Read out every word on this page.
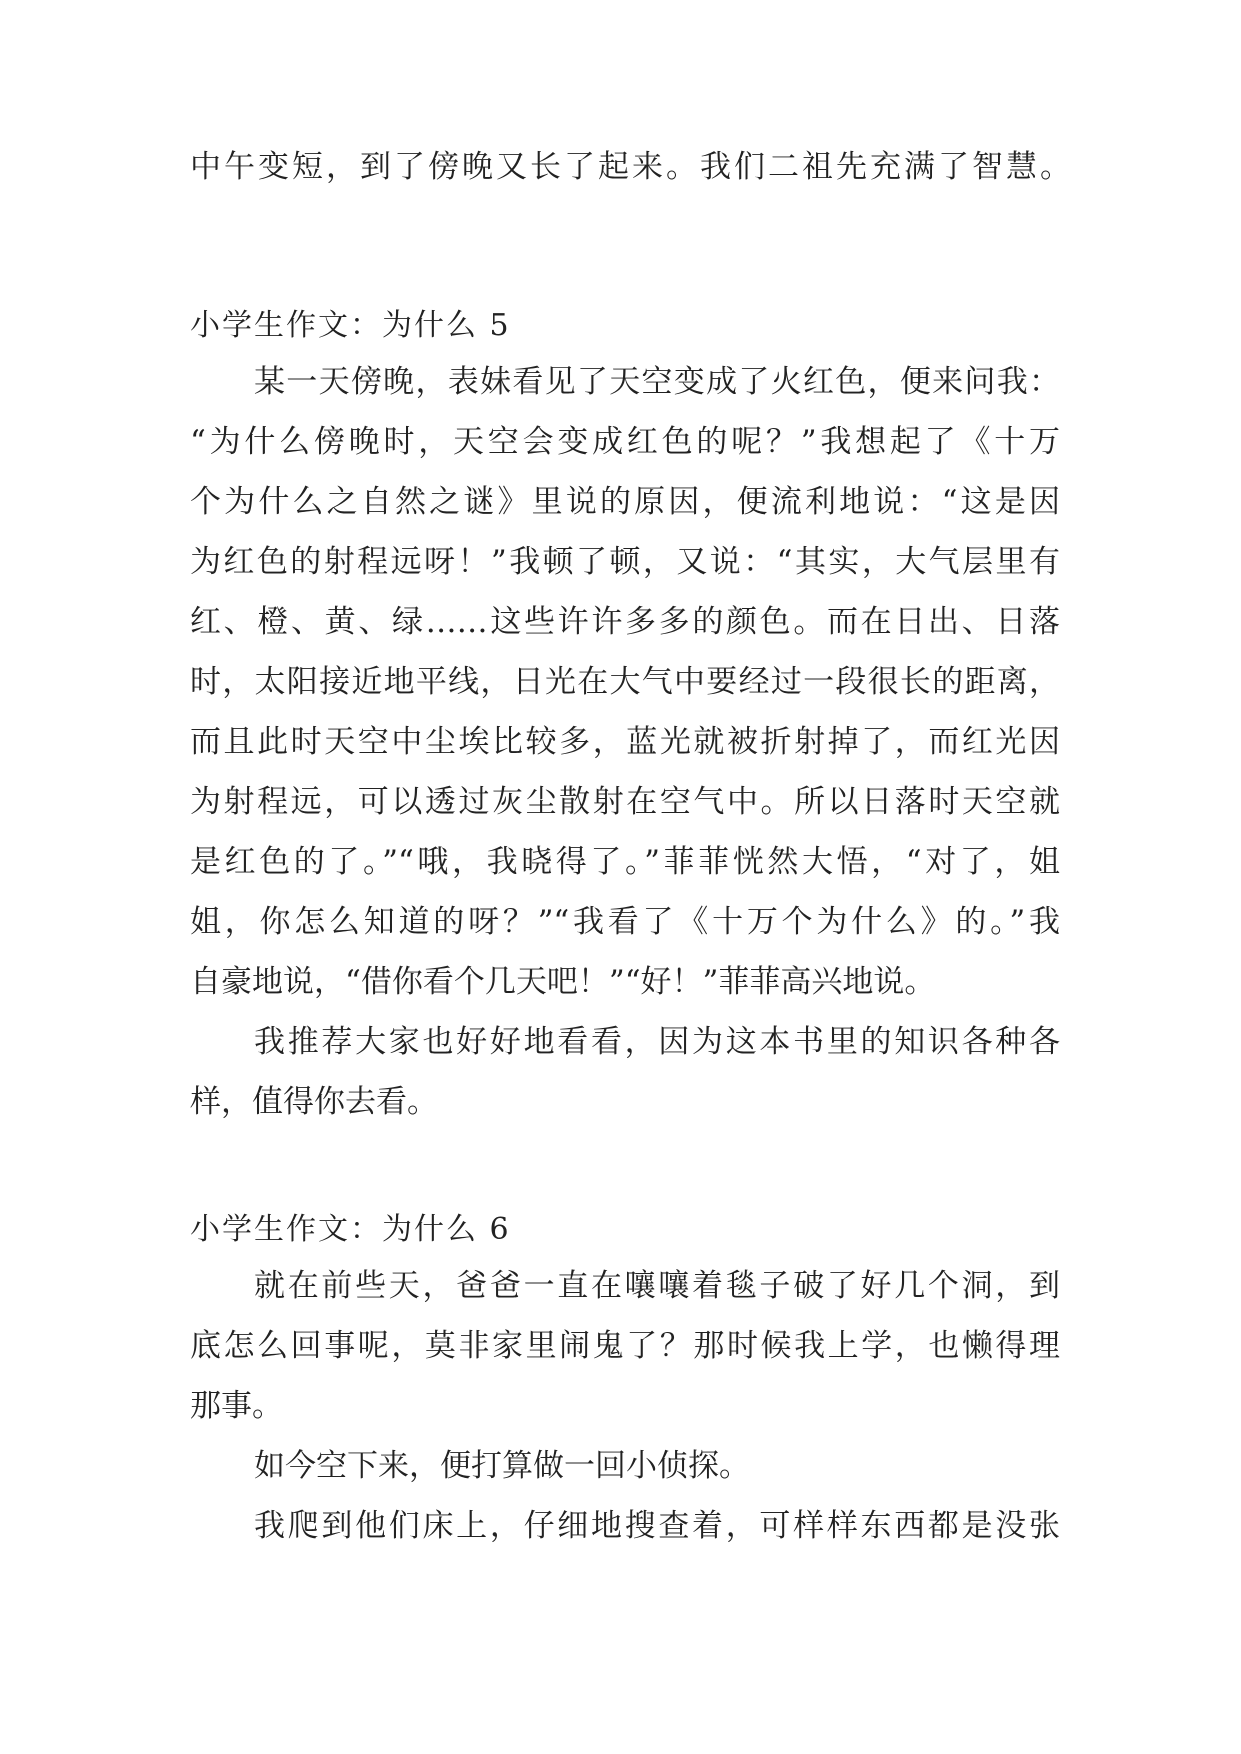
中午变短，到了傍晚又长了起来。我们二祖先充满了智慧。
小学生作文：为什么 5
某一天傍晚，表妹看见了天空变成了火红色，便来问我：
“为什么傍晚时，天空会变成红色的呢？”我想起了《十万
个为什么之自然之谜》里说的原因，便流利地说：“这是因
为红色的射程远呀！”我顿了顿，又说：“其实，大气层里有
红、橙、黄、绿……这些许许多多的颜色。而在日出、日落
时，太阳接近地平线，日光在大气中要经过一段很长的距离，
而且此时天空中尘埃比较多，蓝光就被折射掉了，而红光因
为射程远，可以透过灰尘散射在空气中。所以日落时天空就
是红色的了。”“哦，我晓得了。”菲菲恍然大悟，“对了，姐
姐，你怎么知道的呀？”“我看了《十万个为什么》的。”我
自豪地说，“借你看个几天吧！”“好！”菲菲高兴地说。
我推荐大家也好好地看看，因为这本书里的知识各种各
样，值得你去看。
小学生作文：为什么 6
就在前些天，爸爸一直在嚷嚷着毯子破了好几个洞，到
底怎么回事呢，莫非家里闹鬼了？那时候我上学，也懒得理
那事。
如今空下来，便打算做一回小侦探。
我爬到他们床上，仔细地搜查着，可样样东西都是没张
